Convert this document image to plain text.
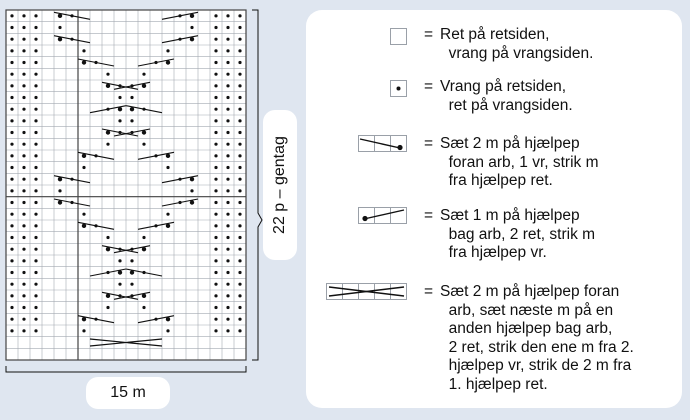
15 m
22 p – gentag
= Ret på retsiden,
vrang på vrangsiden.
= Vrang på retsiden,
ret på vrangsiden.
= Sæt 2 m på hjælpep
foran arb, 1 vr, strik m
fra hjælpep ret.
= Sæt 1 m på hjælpep
bag arb, 2 ret, strik m
fra hjælpep vr.
= Sæt 2 m på hjælpep foran
arb, sæt næste m på en
anden hjælpep bag arb,
2 ret, strik den ene m fra 2.
hjælpep vr, strik de 2 m fra
1. hjælpep ret.
